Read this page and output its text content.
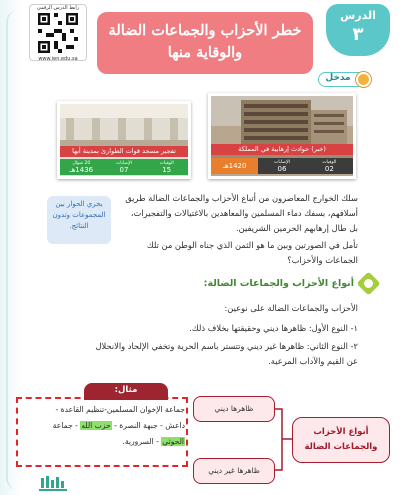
رابط الدرس الرقمي
www.ien.edu.sa
خطر الأحزاب والجماعات الضالة
والوقاية منها
الدرس
٣
مدخل
(خبر) حوادث إرهابية في المملكة
الوفيات
02
الإصابات
06
1420هـ
تفجير مسجد قوات الطوارئ بمدينة أبها
الوفيات
15
الإصابات
07
20 شوال
1436هـ
يجري الحوار بين
المجموعات وتدون
النتائج.
سلك الخوارج المعاصرون من أتباع الأحزاب والجماعات الضالة طريق
أسلافهم، بسفك دماء المسلمين والمعاهدين بالاغتيالات والتفجيرات،
بل طال إرهابهم الحرمين الشريفين.
تأمل في الصورتين وبين ما هو الثمن الذي جناه الوطن من تلك
الجماعات والأحزاب؟
أنواع الأحزاب والجماعات الضالة:
الأحزاب والجماعات الضالة على نوعين:
١- النوع الأول: ظاهرها ديني وحقيقتها بخلاف ذلك.
٢- النوع الثاني: ظاهرها غير ديني وتتستر باسم الحرية وتخفي الإلحاد والانحلال
عن القيم والآداب المرعية.
أنواع الأحزاب
والجماعات الضالة
ظاهرها ديني
ظاهرها غير ديني
مثال:
جماعة الإخوان المسلمين-تنظيم القاعدة -
داعش - جبهة النصرة - حزب الله - جماعة
الحوثي - السرورية.
